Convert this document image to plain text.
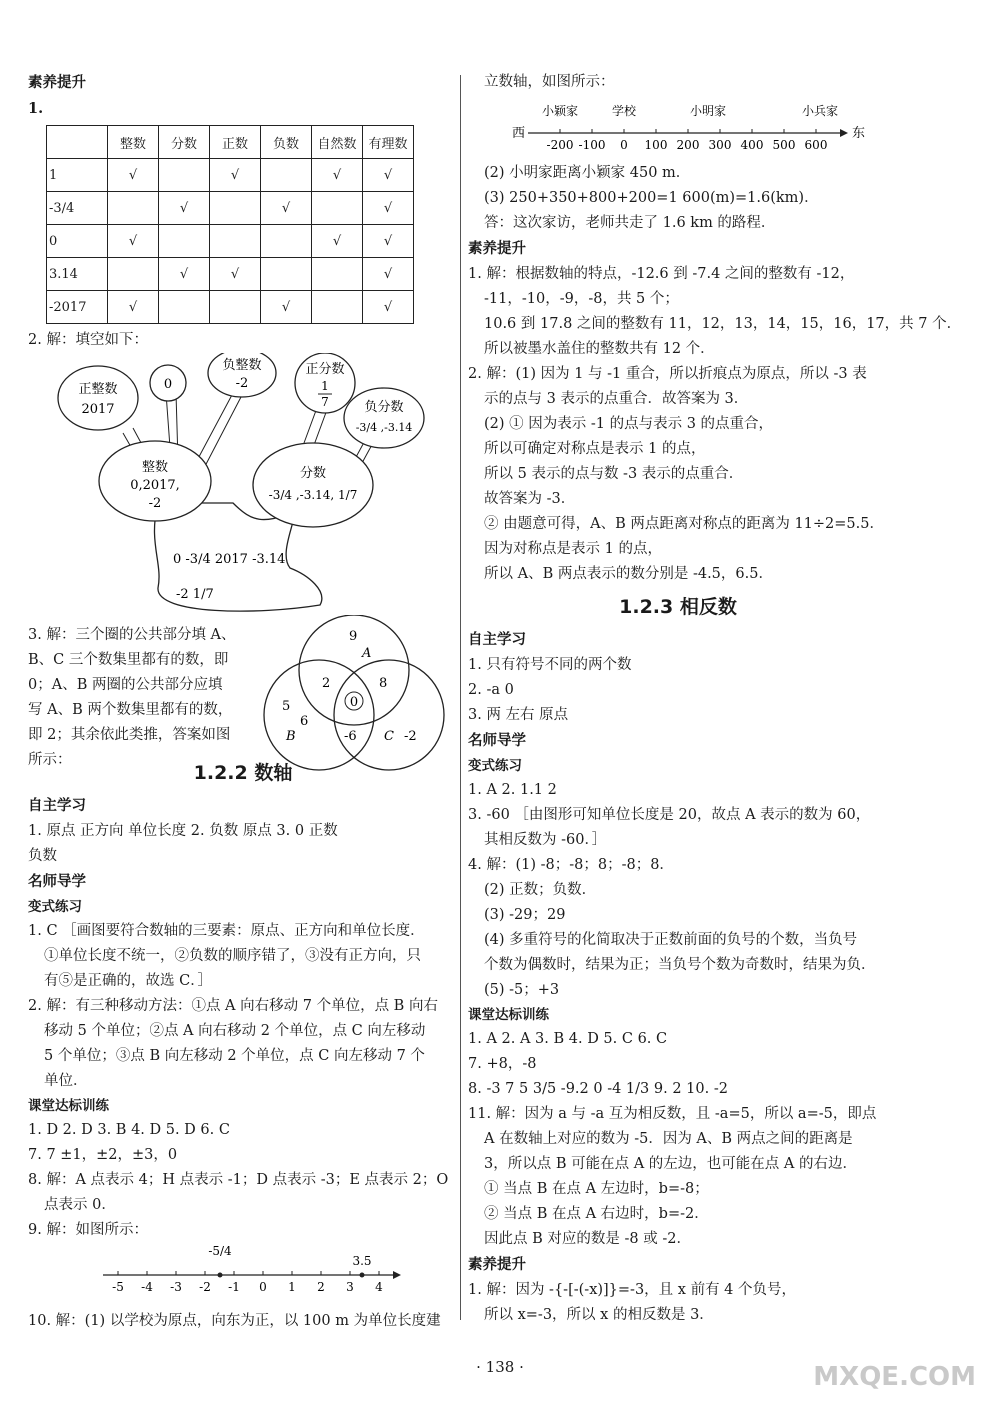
素养提升
1.
	整数	分数	正数	负数	自然数	有理数
1	√		√		√	√
-3/4		√		√		√
0	√				√	√
3.14		√	√			√
-2017	√			√		√
2. 解：填空如下：
正整数
2017
0
负整数
-2
正分数
1
7	负分数
-3/4 ,-3.14
整数
0,2017,
-2
分数
-3/4 ,-3.14, 1/7
0 -3/4 2017 -3.14
-2 1/7
3. 解：三个圈的公共部分填 A、
B、C 三个数集里都有的数，即
0；A、B 两圈的公共部分应填
写 A、B 两个数集里都有的数，
即 2；其余依此类推，答案如图
所示：
9
A
2	8
0
5
6
B	-6 C -2
1.2.2 数轴
自主学习
1. 原点 正方向 单位长度 2. 负数 原点 3. 0 正数
负数
名师导学
变式练习
1. C ［画图要符合数轴的三要素：原点、正方向和单位长度．
①单位长度不统一，②负数的顺序错了，③没有正方向，只
有⑤是正确的，故选 C．］
2. 解：有三种移动方法：①点 A 向右移动 7 个单位，点 B 向右
移动 5 个单位；②点 A 向右移动 2 个单位，点 C 向左移动
5 个单位；③点 B 向左移动 2 个单位，点 C 向左移动 7 个
单位．
课堂达标训练
1. D 2. D 3. B 4. D 5. D 6. C
7. 7 ±1，±2，±3，0
8. 解：A 点表示 4；H 点表示 -1；D 点表示 -3；E 点表示 2；O
点表示 0．
9. 解：如图所示：
-5 -4 -3 -2 -1 0 1 2 3 4
-5/4
3.5
10. 解：(1) 以学校为原点，向东为正，以 100 m 为单位长度建
立数轴，如图所示：
西	东
-200 -100 0 100 200 300 400 500 600
小颖家	学校	小明家	小兵家
(2) 小明家距离小颖家 450 m．
(3) 250+350+800+200=1 600(m)=1.6(km)．
答：这次家访，老师共走了 1.6 km 的路程．
素养提升
1. 解：根据数轴的特点，-12.6 到 -7.4 之间的整数有 -12，
-11，-10，-9，-8，共 5 个；
10.6 到 17.8 之间的整数有 11，12，13，14，15，16，17，共 7 个．
所以被墨水盖住的整数共有 12 个．
2. 解：(1) 因为 1 与 -1 重合，所以折痕点为原点，所以 -3 表
示的点与 3 表示的点重合．故答案为 3．
(2) ① 因为表示 -1 的点与表示 3 的点重合，
所以可确定对称点是表示 1 的点，
所以 5 表示的点与数 -3 表示的点重合．
故答案为 -3．
② 由题意可得，A、B 两点距离对称点的距离为 11÷2=5.5．
因为对称点是表示 1 的点，
所以 A、B 两点表示的数分别是 -4.5，6.5．
1.2.3 相反数
自主学习
1. 只有符号不同的两个数
2. -a 0
3. 两 左右 原点
名师导学
变式练习
1. A 2. 1.1 2
3. -60 ［由图形可知单位长度是 20，故点 A 表示的数为 60，
其相反数为 -60．］
4. 解：(1) -8；-8；8；-8；8．
(2) 正数；负数．
(3) -29；29
(4) 多重符号的化简取决于正数前面的负号的个数，当负号
个数为偶数时，结果为正；当负号个数为奇数时，结果为负．
(5) -5；+3
课堂达标训练
1. A 2. A 3. B 4. D 5. C 6. C
7. +8，-8
8. -3 7 5 3/5 -9.2 0 -4 1/3 9. 2 10. -2
11. 解：因为 a 与 -a 互为相反数，且 -a=5，所以 a=-5，即点
A 在数轴上对应的数为 -5．因为 A、B 两点之间的距离是
3，所以点 B 可能在点 A 的左边，也可能在点 A 的右边．
① 当点 B 在点 A 左边时，b=-8；
② 当点 B 在点 A 右边时，b=-2．
因此点 B 对应的数是 -8 或 -2．
素养提升
1. 解：因为 -{-[-(-x)]}=-3，且 x 前有 4 个负号，
所以 x=-3，所以 x 的相反数是 3．
· 138 ·	MXQE.COM
